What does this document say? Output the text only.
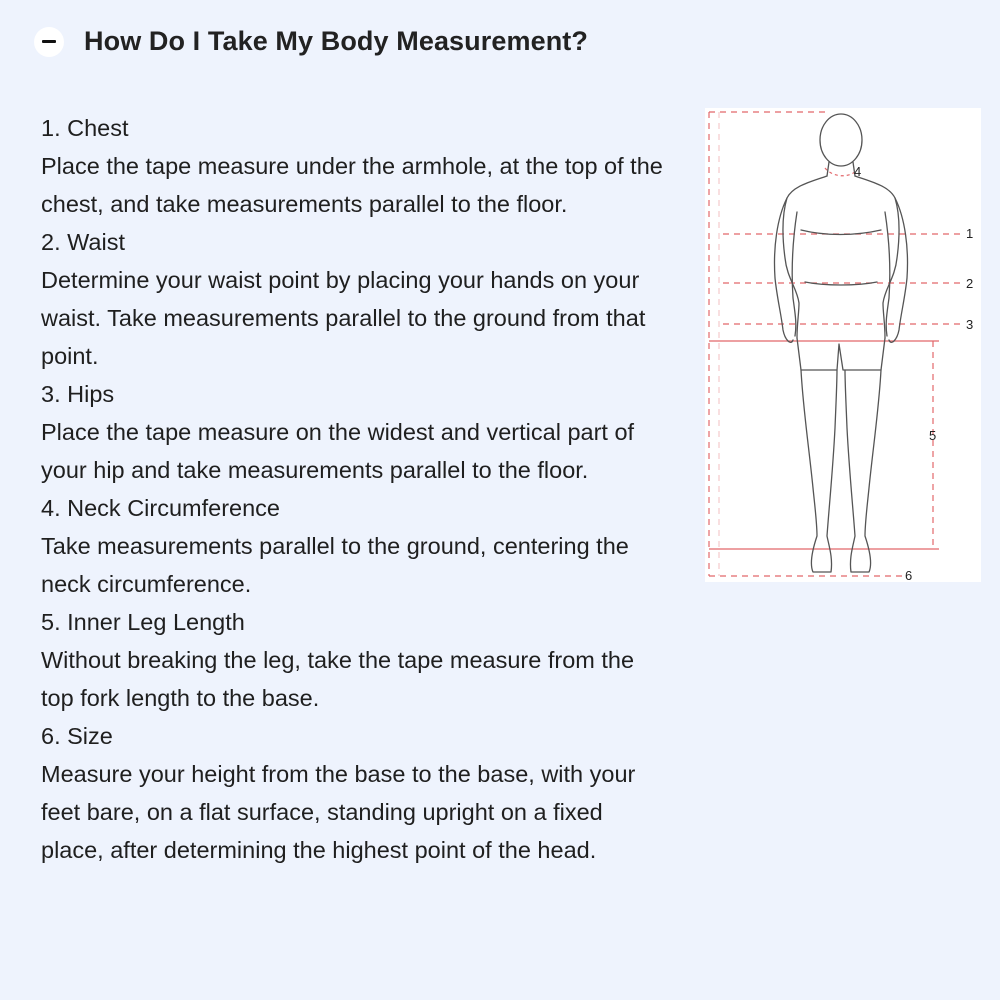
How Do I Take My Body Measurement?

1. Chest

Place the tape measure under the armhole, at the top of the chest, and take measurements parallel to the floor.

2. Waist

Determine your waist point by placing your hands on your waist. Take measurements parallel to the ground from that point.

3. Hips

Place the tape measure on the widest and vertical part of your hip and take measurements parallel to the floor.

4. Neck Circumference

Take measurements parallel to the ground, centering the neck circumference.

5. Inner Leg Length

Without breaking the leg, take the tape measure from the top fork length to the base.

6. Size

Measure your height from the base to the base, with your feet bare, on a flat surface, standing upright on a fixed place, after determining the highest point of the head.

1
2
3
4
5
6
